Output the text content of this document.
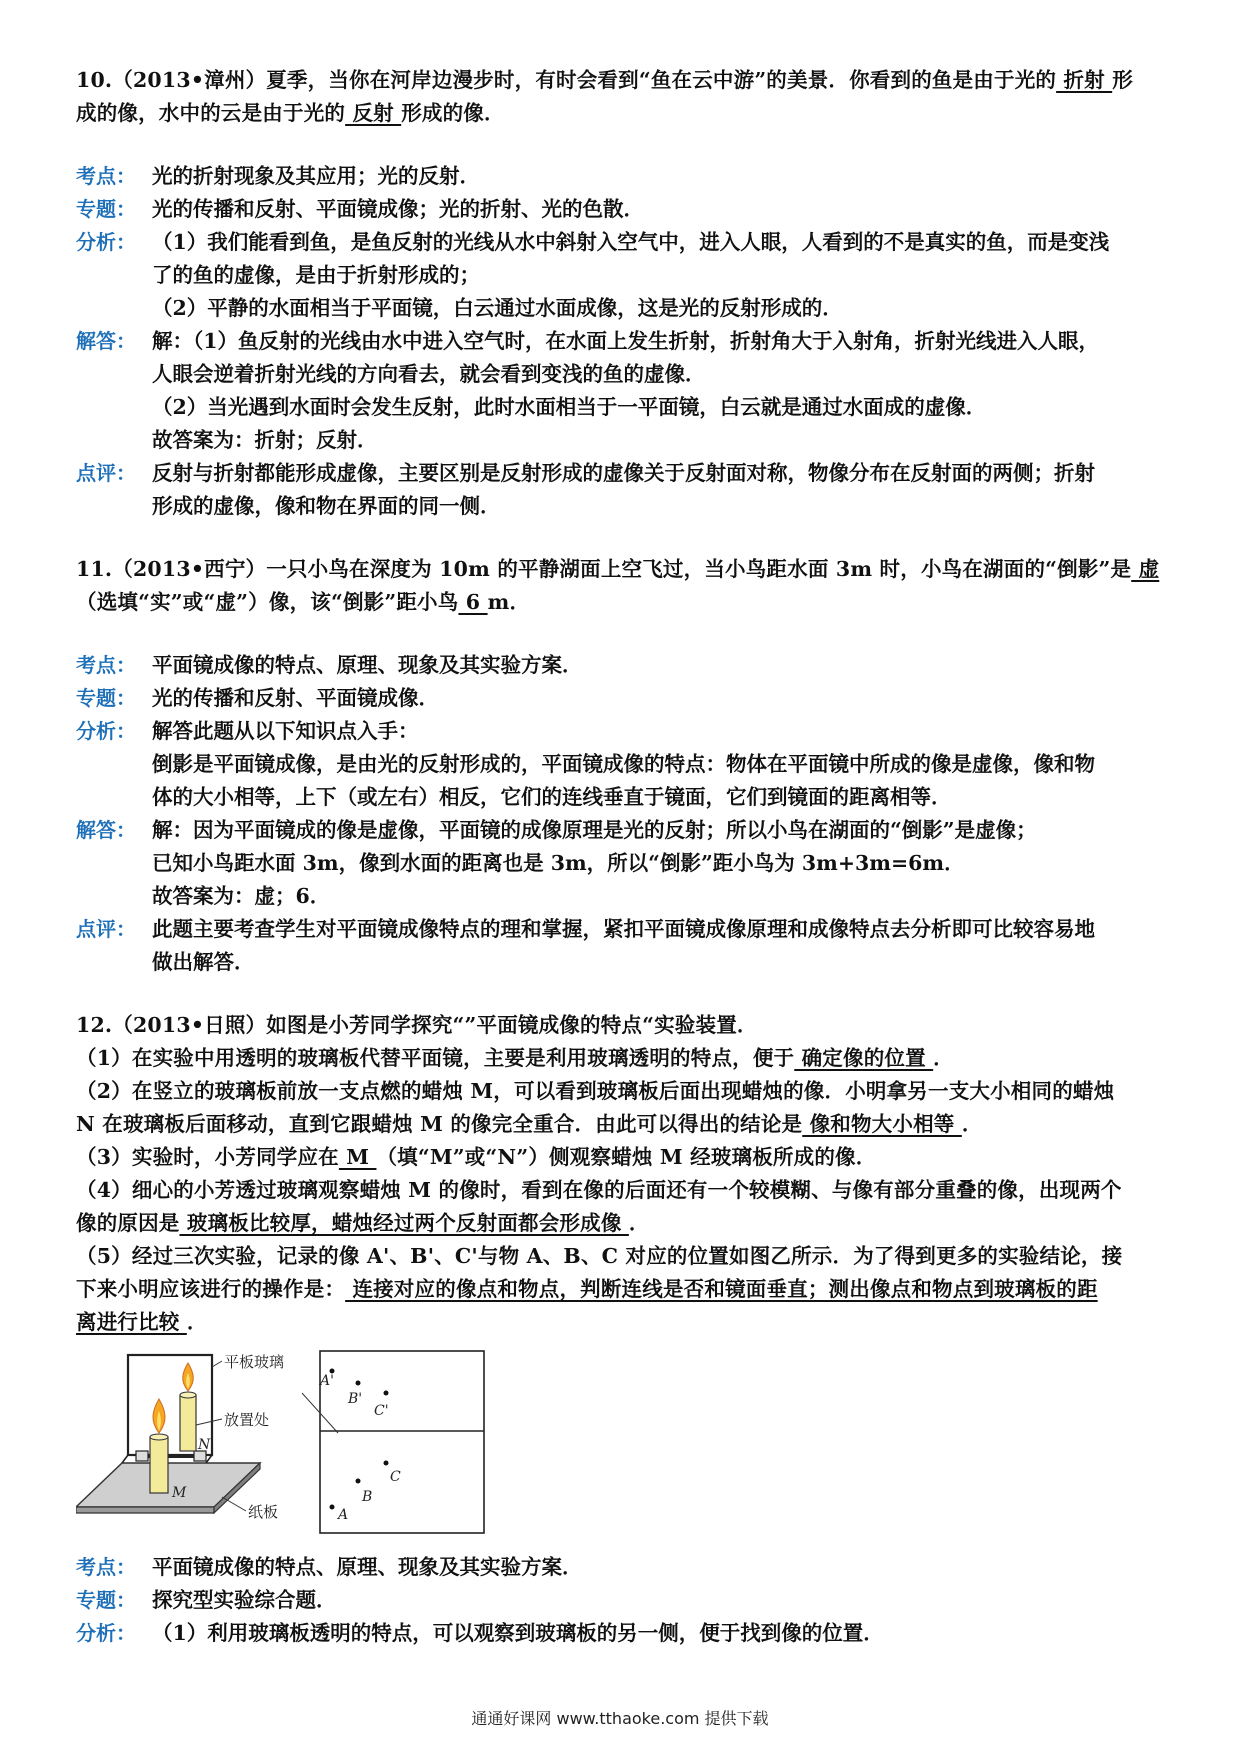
10.（2013•漳州）夏季，当你在河岸边漫步时，有时会看到“鱼在云中游”的美景．你看到的鱼是由于光的 折射 形
成的像，水中的云是由于光的 反射 形成的像．
考点： 光的折射现象及其应用；光的反射．
专题： 光的传播和反射、平面镜成像；光的折射、光的色散．
分析： （1）我们能看到鱼，是鱼反射的光线从水中斜射入空气中，进入人眼，人看到的不是真实的鱼，而是变浅
了的鱼的虚像，是由于折射形成的；
（2）平静的水面相当于平面镜，白云通过水面成像，这是光的反射形成的．
解答： 解：（1）鱼反射的光线由水中进入空气时，在水面上发生折射，折射角大于入射角，折射光线进入人眼，
人眼会逆着折射光线的方向看去，就会看到变浅的鱼的虚像．
（2）当光遇到水面时会发生反射，此时水面相当于一平面镜，白云就是通过水面成的虚像．
故答案为：折射；反射．
点评： 反射与折射都能形成虚像，主要区别是反射形成的虚像关于反射面对称，物像分布在反射面的两侧；折射
形成的虚像，像和物在界面的同一侧．
11.（2013•西宁）一只小鸟在深度为 10m 的平静湖面上空飞过，当小鸟距水面 3m 时，小鸟在湖面的“倒影”是 虚
（选填“实”或“虚”）像，该“倒影”距小鸟 6 m．
考点： 平面镜成像的特点、原理、现象及其实验方案．
专题： 光的传播和反射、平面镜成像．
分析： 解答此题从以下知识点入手：
倒影是平面镜成像，是由光的反射形成的，平面镜成像的特点：物体在平面镜中所成的像是虚像，像和物
体的大小相等，上下（或左右）相反，它们的连线垂直于镜面，它们到镜面的距离相等．
解答： 解：因为平面镜成的像是虚像，平面镜的成像原理是光的反射；所以小鸟在湖面的“倒影”是虚像；
已知小鸟距水面 3m，像到水面的距离也是 3m，所以“倒影”距小鸟为 3m+3m=6m．
故答案为：虚；6．
点评： 此题主要考查学生对平面镜成像特点的理和掌握，紧扣平面镜成像原理和成像特点去分析即可比较容易地
做出解答．
12.（2013•日照）如图是小芳同学探究“”平面镜成像的特点“实验装置．
（1）在实验中用透明的玻璃板代替平面镜，主要是利用玻璃透明的特点，便于 确定像的位置 ．
（2）在竖立的玻璃板前放一支点燃的蜡烛 M，可以看到玻璃板后面出现蜡烛的像．小明拿另一支大小相同的蜡烛
N 在玻璃板后面移动，直到它跟蜡烛 M 的像完全重合．由此可以得出的结论是 像和物大小相等 ．
（3）实验时，小芳同学应在 M （填“M”或“N”）侧观察蜡烛 M 经玻璃板所成的像．
（4）细心的小芳透过玻璃观察蜡烛 M 的像时，看到在像的后面还有一个较模糊、与像有部分重叠的像，出现两个
像的原因是 玻璃板比较厚，蜡烛经过两个反射面都会形成像 ．
（5）经过三次实验，记录的像 A'、B'、C'与物 A、B、C 对应的位置如图乙所示．为了得到更多的实验结论，接
下来小明应该进行的操作是： 连接对应的像点和物点，判断连线是否和镜面垂直；测出像点和物点到玻璃板的距
离进行比较 ．
平板玻璃
放置处
纸板
M
N
A'
B'
C'
A
B
C
考点： 平面镜成像的特点、原理、现象及其实验方案．
专题： 探究型实验综合题．
分析： （1）利用玻璃板透明的特点，可以观察到玻璃板的另一侧，便于找到像的位置．
通通好课网 www.tthaoke.com 提供下载
